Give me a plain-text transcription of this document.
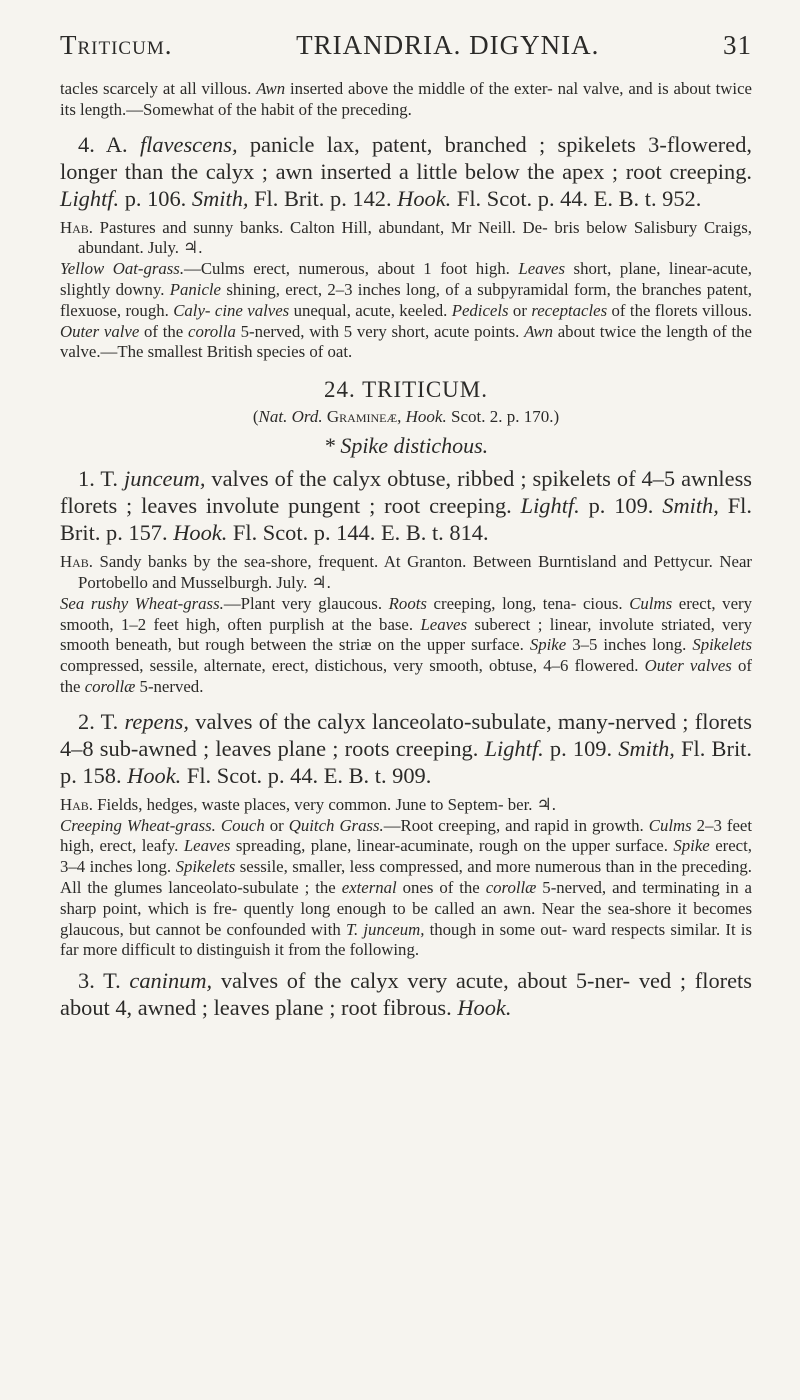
Triticum.	TRIANDRIA. DIGYNIA.	31

tacles scarcely at all villous. Awn inserted above the middle of the exter- nal valve, and is about twice its length.—Somewhat of the habit of the preceding.

4. A. flavescens, panicle lax, patent, branched ; spikelets 3-flowered, longer than the calyx ; awn inserted a little below the apex ; root creeping. Lightf. p. 106. Smith, Fl. Brit. p. 142. Hook. Fl. Scot. p. 44. E. B. t. 952.

Hab. Pastures and sunny banks. Calton Hill, abundant, Mr Neill. De- bris below Salisbury Craigs, abundant. July. ♃.

Yellow Oat-grass.—Culms erect, numerous, about 1 foot high. Leaves short, plane, linear-acute, slightly downy. Panicle shining, erect, 2–3 inches long, of a subpyramidal form, the branches patent, flexuose, rough. Caly- cine valves unequal, acute, keeled. Pedicels or receptacles of the florets villous. Outer valve of the corolla 5-nerved, with 5 very short, acute points. Awn about twice the length of the valve.—The smallest British species of oat.

24. TRITICUM.
(Nat. Ord. Gramineæ, Hook. Scot. 2. p. 170.)
* Spike distichous.

1. T. junceum, valves of the calyx obtuse, ribbed ; spikelets of 4–5 awnless florets ; leaves involute pungent ; root creeping. Lightf. p. 109. Smith, Fl. Brit. p. 157. Hook. Fl. Scot. p. 144. E. B. t. 814.

Hab. Sandy banks by the sea-shore, frequent. At Granton. Between Burntisland and Pettycur. Near Portobello and Musselburgh. July. ♃.

Sea rushy Wheat-grass.—Plant very glaucous. Roots creeping, long, tena- cious. Culms erect, very smooth, 1–2 feet high, often purplish at the base. Leaves suberect ; linear, involute striated, very smooth beneath, but rough between the striæ on the upper surface. Spike 3–5 inches long. Spikelets compressed, sessile, alternate, erect, distichous, very smooth, obtuse, 4–6 flowered. Outer valves of the corollæ 5-nerved.

2. T. repens, valves of the calyx lanceolato-subulate, many-nerved ; florets 4–8 sub-awned ; leaves plane ; roots creeping. Lightf. p. 109. Smith, Fl. Brit. p. 158. Hook. Fl. Scot. p. 44. E. B. t. 909.

Hab. Fields, hedges, waste places, very common. June to Septem- ber. ♃.

Creeping Wheat-grass. Couch or Quitch Grass.—Root creeping, and rapid in growth. Culms 2–3 feet high, erect, leafy. Leaves spreading, plane, linear-acuminate, rough on the upper surface. Spike erect, 3–4 inches long. Spikelets sessile, smaller, less compressed, and more numerous than in the preceding. All the glumes lanceolato-subulate ; the external ones of the corollæ 5-nerved, and terminating in a sharp point, which is fre- quently long enough to be called an awn. Near the sea-shore it becomes glaucous, but cannot be confounded with T. junceum, though in some out- ward respects similar. It is far more difficult to distinguish it from the following.

3. T. caninum, valves of the calyx very acute, about 5-ner- ved ; florets about 4, awned ; leaves plane ; root fibrous. Hook.
